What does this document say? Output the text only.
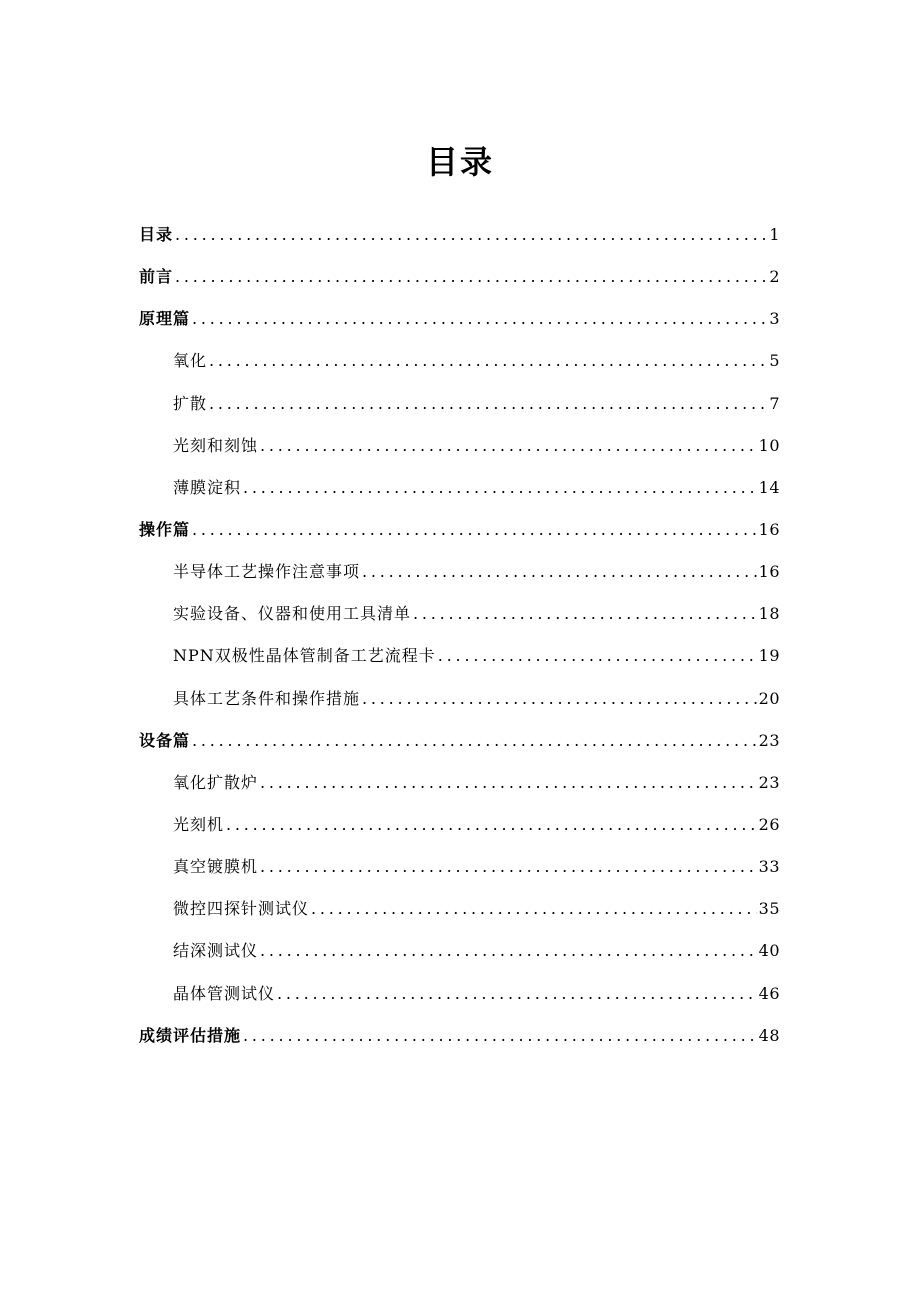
目录
目录 .....	1
前言 .....	2
原理篇 .....	3
氧化 .....	5
扩散 .....	7
光刻和刻蚀 .....	10
薄膜淀积 .....	14
操作篇 .....	16
半导体工艺操作注意事项 .....	16
实验设备、仪器和使用工具清单 .....	18
NPN双极性晶体管制备工艺流程卡 .....	19
具体工艺条件和操作措施 .....	20
设备篇 .....	23
氧化扩散炉 .....	23
光刻机 .....	26
真空镀膜机 .....	33
微控四探针测试仪 .....	35
结深测试仪 .....	40
晶体管测试仪 .....	46
成绩评估措施 .....	48
